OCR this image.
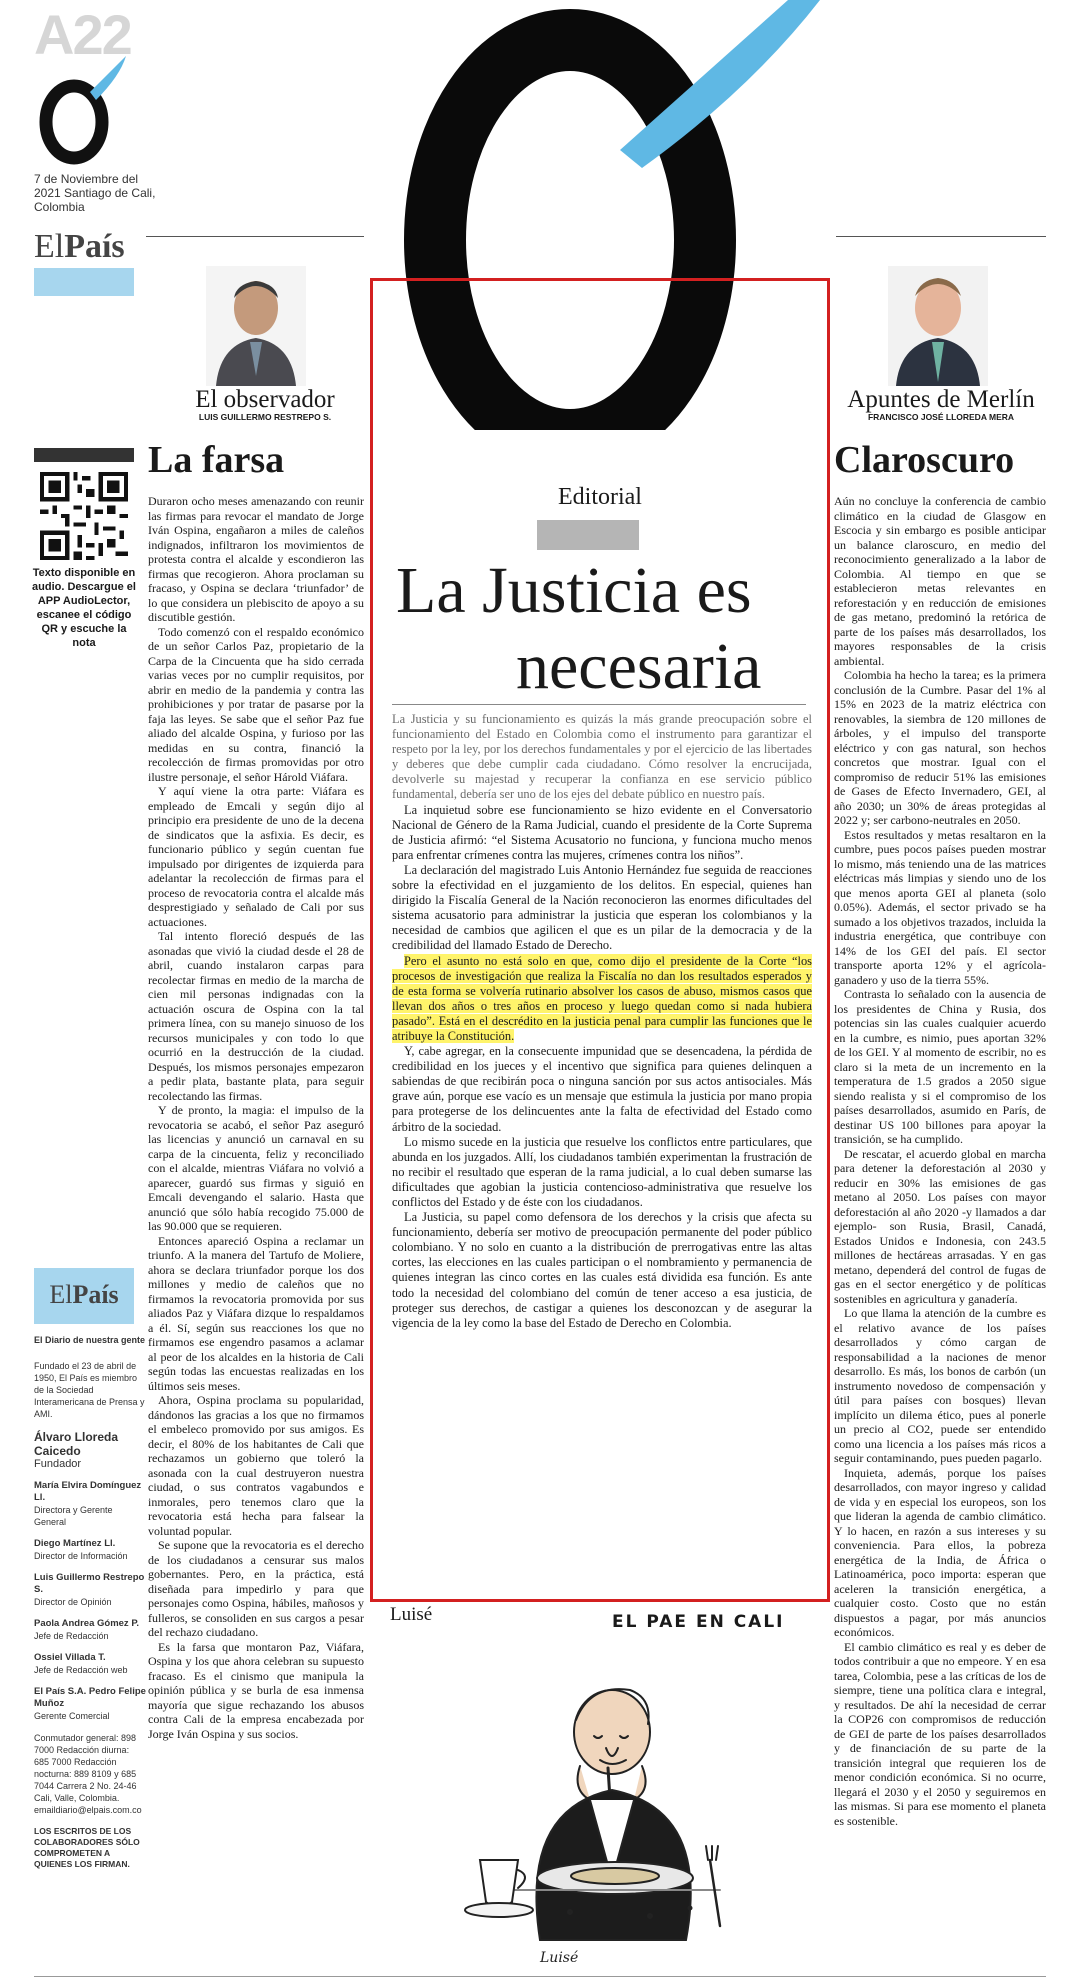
A22
7 de Noviembre del 2021 Santiago de Cali, Colombia
ElPaís
El observador
LUIS GUILLERMO RESTREPO S.
Apuntes de Merlín
FRANCISCO JOSÉ LLOREDA MERA
Texto disponible en audio. Descargue el APP AudioLector, escanee el código QR y escuche la nota
La farsa

Duraron ocho meses amenazando con reunir las firmas para revocar el mandato de Jorge Iván Ospina, engañaron a miles de caleños indignados, infiltraron los movimientos de protesta contra el alcalde y escondieron las firmas que recogieron. Ahora proclaman su fracaso, y Ospina se declara ‘triunfador’ de lo que considera un plebiscito de apoyo a su discutible gestión.

Todo comenzó con el respaldo económico de un señor Carlos Paz, propietario de la Carpa de la Cincuenta que ha sido cerrada varias veces por no cumplir requisitos, por abrir en medio de la pandemia y contra las prohibiciones y por tratar de pasarse por la faja las leyes. Se sabe que el señor Paz fue aliado del alcalde Ospina, y furioso por las medidas en su contra, financió la recolección de firmas promovidas por otro ilustre personaje, el señor Hárold Viáfara.

Y aquí viene la otra parte: Viáfara es empleado de Emcali y según dijo al principio era presidente de uno de la decena de sindicatos que la asfixia. Es decir, es funcionario público y según cuentan fue impulsado por dirigentes de izquierda para adelantar la recolección de firmas para el proceso de revocatoria contra el alcalde más desprestigiado y señalado de Cali por sus actuaciones.

Tal intento floreció después de las asonadas que vivió la ciudad desde el 28 de abril, cuando instalaron carpas para recolectar firmas en medio de la marcha de cien mil personas indignadas con la actuación oscura de Ospina con la tal primera línea, con su manejo sinuoso de los recursos municipales y con todo lo que ocurrió en la destrucción de la ciudad. Después, los mismos personajes empezaron a pedir plata, bastante plata, para seguir recolectando las firmas.

Y de pronto, la magia: el impulso de la revocatoria se acabó, el señor Paz aseguró las licencias y anunció un carnaval en su carpa de la cincuenta, feliz y reconciliado con el alcalde, mientras Viáfara no volvió a aparecer, guardó sus firmas y siguió en Emcali devengando el salario. Hasta que anunció que sólo había recogido 75.000 de las 90.000 que se requieren.

Entonces apareció Ospina a reclamar un triunfo. A la manera del Tartufo de Moliere, ahora se declara triunfador porque los dos millones y medio de caleños que no firmamos la revocatoria promovida por sus aliados Paz y Viáfara dizque lo respaldamos a él. Sí, según sus reacciones los que no firmamos ese engendro pasamos a aclamar al peor de los alcaldes en la historia de Cali según todas las encuestas realizadas en los últimos seis meses.

Ahora, Ospina proclama su popularidad, dándonos las gracias a los que no firmamos el embeleco promovido por sus amigos. Es decir, el 80% de los habitantes de Cali que rechazamos un gobierno que toleró la asonada con la cual destruyeron nuestra ciudad, o sus contratos vagabundos e inmorales, pero tenemos claro que la revocatoria está hecha para falsear la voluntad popular.

Se supone que la revocatoria es el derecho de los ciudadanos a censurar sus malos gobernantes. Pero, en la práctica, está diseñada para impedirlo y para que personajes como Ospina, hábiles, mañosos y fulleros, se consoliden en sus cargos a pesar del rechazo ciudadano.

Es la farsa que montaron Paz, Viáfara, Ospina y los que ahora celebran su supuesto fracaso. Es el cinismo que manipula la opinión pública y se burla de esa inmensa mayoría que sigue rechazando los abusos contra Cali de la empresa encabezada por Jorge Iván Ospina y sus socios.

ElPaís
El Diario de nuestra gente
Fundado el 23 de abril de 1950, El País es miembro de la Sociedad Interamericana de Prensa y AMI.
Álvaro Lloreda Caicedo
Fundador
María Elvira Domínguez Ll.
Directora y Gerente General
Diego Martínez Ll.
Director de Información
Luis Guillermo Restrepo S.
Director de Opinión
Paola Andrea Gómez P.
Jefe de Redacción
Ossiel Villada T.
Jefe de Redacción web
El País S.A. Pedro Felipe Muñoz
Gerente Comercial
Conmutador general: 898 7000 Redacción diurna: 685 7000 Redacción nocturna: 889 8109 y 685 7044 Carrera 2 No. 24-46 Cali, Valle, Colombia. emaildiario@elpais.com.co
LOS ESCRITOS DE LOS COLABORADORES SÓLO COMPROMETEN A QUIENES LOS FIRMAN.
Editorial
La Justicia es
necesaria

La Justicia y su funcionamiento es quizás la más grande preocupación sobre el funcionamiento del Estado en Colombia como el instrumento para garantizar el respeto por la ley, por los derechos fundamentales y por el ejercicio de las libertades y deberes que debe cumplir cada ciudadano. Cómo resolver la encrucijada, devolverle su majestad y recuperar la confianza en ese servicio público fundamental, debería ser uno de los ejes del debate público en nuestro país.

La inquietud sobre ese funcionamiento se hizo evidente en el Conversatorio Nacional de Género de la Rama Judicial, cuando el presidente de la Corte Suprema de Justicia afirmó: “el Sistema Acusatorio no funciona, y funciona mucho menos para enfrentar crímenes contra las mujeres, crímenes contra los niños”.

La declaración del magistrado Luis Antonio Hernández fue seguida de reacciones sobre la efectividad en el juzgamiento de los delitos. En especial, quienes han dirigido la Fiscalía General de la Nación reconocieron las enormes dificultades del sistema acusatorio para administrar la justicia que esperan los colombianos y la necesidad de cambios que agilicen el que es un pilar de la democracia y de la credibilidad del llamado Estado de Derecho.

Pero el asunto no está solo en que, como dijo el presidente de la Corte “los procesos de investigación que realiza la Fiscalía no dan los resultados esperados y de esta forma se volvería rutinario absolver los casos de abuso, mismos casos que llevan dos años o tres años en proceso y luego quedan como si nada hubiera pasado”. Está en el descrédito en la justicia penal para cumplir las funciones que le atribuye la Constitución.

Y, cabe agregar, en la consecuente impunidad que se desencadena, la pérdida de credibilidad en los jueces y el incentivo que significa para quienes delinquen a sabiendas de que recibirán poca o ninguna sanción por sus actos antisociales. Más grave aún, porque ese vacío es un mensaje que estimula la justicia por mano propia para protegerse de los delincuentes ante la falta de efectividad del Estado como árbitro de la sociedad.

Lo mismo sucede en la justicia que resuelve los conflictos entre particulares, que abunda en los juzgados. Allí, los ciudadanos también experimentan la frustración de no recibir el resultado que esperan de la rama judicial, a lo cual deben sumarse las dificultades que agobian la justicia contencioso-administrativa que resuelve los conflictos del Estado y de éste con los ciudadanos.

La Justicia, su papel como defensora de los derechos y la crisis que afecta su funcionamiento, debería ser motivo de preocupación permanente del poder público colombiano. Y no solo en cuanto a la distribución de prerrogativas entre las altas cortes, las elecciones en las cuales participan o el nombramiento y permanencia de quienes integran las cinco cortes en las cuales está dividida esa función. Es ante todo la necesidad del colombiano del común de tener acceso a esa justicia, de proteger sus derechos, de castigar a quienes los desconozcan y de asegurar la vigencia de la ley como la base del Estado de Derecho en Colombia.

Luisé	EL PAE EN CALI
Luisé
Claroscuro

Aún no concluye la conferencia de cambio climático en la ciudad de Glasgow en Escocia y sin embargo es posible anticipar un balance claroscuro, en medio del reconocimiento generalizado a la labor de Colombia. Al tiempo en que se establecieron metas relevantes en reforestación y en reducción de emisiones de gas metano, predominó la retórica de parte de los países más desarrollados, los mayores responsables de la crisis ambiental.

Colombia ha hecho la tarea; es la primera conclusión de la Cumbre. Pasar del 1% al 15% en 2023 de la matriz eléctrica con renovables, la siembra de 120 millones de árboles, y el impulso del transporte eléctrico y con gas natural, son hechos concretos que mostrar. Igual con el compromiso de reducir 51% las emisiones de Gases de Efecto Invernadero, GEI, al año 2030; un 30% de áreas protegidas al 2022 y; ser carbono-neutrales en 2050.

Estos resultados y metas resaltaron en la cumbre, pues pocos países pueden mostrar lo mismo, más teniendo una de las matrices eléctricas más limpias y siendo uno de los que menos aporta GEI al planeta (solo 0.05%). Además, el sector privado se ha sumado a los objetivos trazados, incluida la industria energética, que contribuye con 14% de los GEI del país. El sector transporte aporta 12% y el agrícola-ganadero y uso de la tierra 55%.

Contrasta lo señalado con la ausencia de los presidentes de China y Rusia, dos potencias sin las cuales cualquier acuerdo en la cumbre, es nimio, pues aportan 32% de los GEI. Y al momento de escribir, no es claro si la meta de un incremento en la temperatura de 1.5 grados a 2050 sigue siendo realista y si el compromiso de los países desarrollados, asumido en París, de destinar US 100 billones para apoyar la transición, se ha cumplido.

De rescatar, el acuerdo global en marcha para detener la deforestación al 2030 y reducir en 30% las emisiones de gas metano al 2050. Los países con mayor deforestación al año 2020 -y llamados a dar ejemplo- son Rusia, Brasil, Canadá, Estados Unidos e Indonesia, con 243.5 millones de hectáreas arrasadas. Y en gas metano, dependerá del control de fugas de gas en el sector energético y de políticas sostenibles en agricultura y ganadería.

Lo que llama la atención de la cumbre es el relativo avance de los países desarrollados y cómo cargan de responsabilidad a la naciones de menor desarrollo. Es más, los bonos de carbón (un instrumento novedoso de compensación y útil para países con bosques) llevan implícito un dilema ético, pues al ponerle un precio al CO2, puede ser entendido como una licencia a los países más ricos a seguir contaminando, pues pueden pagarlo.

Inquieta, además, porque los países desarrollados, con mayor ingreso y calidad de vida y en especial los europeos, son los que lideran la agenda de cambio climático. Y lo hacen, en razón a sus intereses y su conveniencia. Para ellos, la pobreza energética de la India, de África o Latinoamérica, poco importa: esperan que aceleren la transición energética, a cualquier costo. Costo que no están dispuestos a pagar, por más anuncios económicos.

El cambio climático es real y es deber de todos contribuir a que no empeore. Y en esa tarea, Colombia, pese a las críticas de los de siempre, tiene una política clara e integral, y resultados. De ahí la necesidad de cerrar la COP26 con compromisos de reducción de GEI de parte de los países desarrollados y de financiación de su parte de la transición integral que requieren los de menor condición económica. Si no ocurre, llegará el 2030 y el 2050 y seguiremos en las mismas. Si para ese momento el planeta es sostenible.
